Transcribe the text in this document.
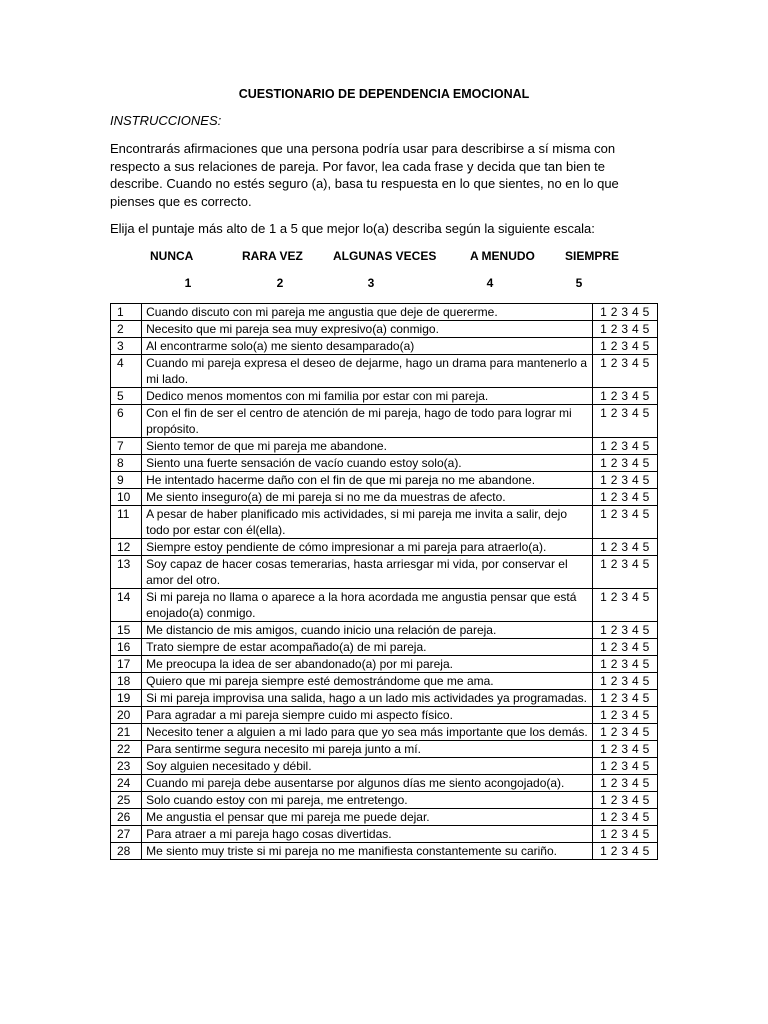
CUESTIONARIO DE DEPENDENCIA EMOCIONAL
INSTRUCCIONES:
Encontrarás afirmaciones que una persona podría usar para describirse a sí misma con respecto a sus relaciones de pareja. Por favor, lea cada frase y decida que tan bien te describe. Cuando no estés seguro (a), basa tu respuesta en lo que sientes, no en lo que pienses que es correcto.
Elija el puntaje más alto de 1 a 5 que mejor lo(a) describa según la siguiente escala:
NUNCA	RARA VEZ	ALGUNAS VECES	A MENUDO	SIEMPRE
1	2	3	4	5
1	Cuando discuto con mi pareja me angustia que deje de quererme.	1 2 3 4 5
2	Necesito que mi pareja sea muy expresivo(a) conmigo.	1 2 3 4 5
3	Al encontrarme solo(a) me siento desamparado(a)	1 2 3 4 5
4	Cuando mi pareja expresa el deseo de dejarme, hago un drama para mantenerlo a mi lado.	1 2 3 4 5
5	Dedico menos momentos con mi familia por estar con mi pareja.	1 2 3 4 5
6	Con el fin de ser el centro de atención de mi pareja, hago de todo para lograr mi propósito.	1 2 3 4 5
7	Siento temor de que mi pareja me abandone.	1 2 3 4 5
8	Siento una fuerte sensación de vacío cuando estoy solo(a).	1 2 3 4 5
9	He intentado hacerme daño con el fin de que mi pareja no me abandone.	1 2 3 4 5
10	Me siento inseguro(a) de mi pareja si no me da muestras de afecto.	1 2 3 4 5
11	A pesar de haber planificado mis actividades, si mi pareja me invita a salir, dejo todo por estar con él(ella).	1 2 3 4 5
12	Siempre estoy pendiente de cómo impresionar a mi pareja para atraerlo(a).	1 2 3 4 5
13	Soy capaz de hacer cosas temerarias, hasta arriesgar mi vida, por conservar el amor del otro.	1 2 3 4 5
14	Si mi pareja no llama o aparece a la hora acordada me angustia pensar que está enojado(a) conmigo.	1 2 3 4 5
15	Me distancio de mis amigos, cuando inicio una relación de pareja.	1 2 3 4 5
16	Trato siempre de estar acompañado(a) de mi pareja.	1 2 3 4 5
17	Me preocupa la idea de ser abandonado(a) por mi pareja.	1 2 3 4 5
18	Quiero que mi pareja siempre esté demostrándome que me ama.	1 2 3 4 5
19	Si mi pareja improvisa una salida, hago a un lado mis actividades ya programadas.	1 2 3 4 5
20	Para agradar a mi pareja siempre cuido mi aspecto físico.	1 2 3 4 5
21	Necesito tener a alguien a mi lado para que yo sea más importante que los demás.	1 2 3 4 5
22	Para sentirme segura necesito mi pareja junto a mí.	1 2 3 4 5
23	Soy alguien necesitado y débil.	1 2 3 4 5
24	Cuando mi pareja debe ausentarse por algunos días me siento acongojado(a).	1 2 3 4 5
25	Solo cuando estoy con mi pareja, me entretengo.	1 2 3 4 5
26	Me angustia el pensar que mi pareja me puede dejar.	1 2 3 4 5
27	Para atraer a mi pareja hago cosas divertidas.	1 2 3 4 5
28	Me siento muy triste si mi pareja no me manifiesta constantemente su cariño.	1 2 3 4 5
